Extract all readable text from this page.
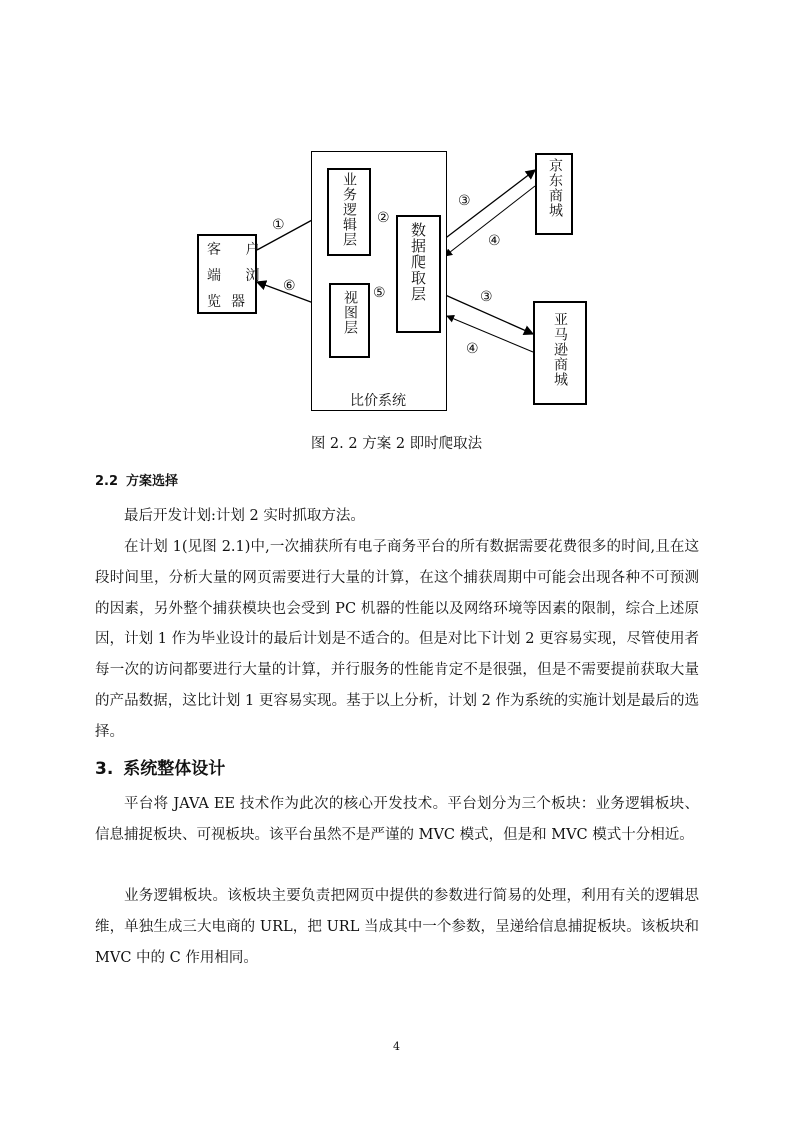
比价系统
客 户
端 浏
览器
业务逻辑层
视图层
数据爬取层
京东商城
亚马逊商城
①	②
⑤
⑥
③
④
③
④
图 2. 2 方案 2 即时爬取法
2.2 方案选择

最后开发计划:计划 2 实时抓取方法。

在计划 1(见图 2.1)中,一次捕获所有电子商务平台的所有数据需要花费很多的时间,且在这段时间里，分析大量的网页需要进行大量的计算，在这个捕获周期中可能会出现各种不可预测的因素，另外整个捕获模块也会受到 PC 机器的性能以及网络环境等因素的限制，综合上述原因，计划 1 作为毕业设计的最后计划是不适合的。但是对比下计划 2 更容易实现，尽管使用者每一次的访问都要进行大量的计算，并行服务的性能肯定不是很强，但是不需要提前获取大量的产品数据，这比计划 1 更容易实现。基于以上分析，计划 2 作为系统的实施计划是最后的选择。

3. 系统整体设计

平台将 JAVA EE 技术作为此次的核心开发技术。平台划分为三个板块：业务逻辑板块、信息捕捉板块、可视板块。该平台虽然不是严谨的 MVC 模式，但是和 MVC 模式十分相近。

业务逻辑板块。该板块主要负责把网页中提供的参数进行简易的处理，利用有关的逻辑思维，单独生成三大电商的 URL，把 URL 当成其中一个参数，呈递给信息捕捉板块。该板块和 MVC 中的 C 作用相同。

4
